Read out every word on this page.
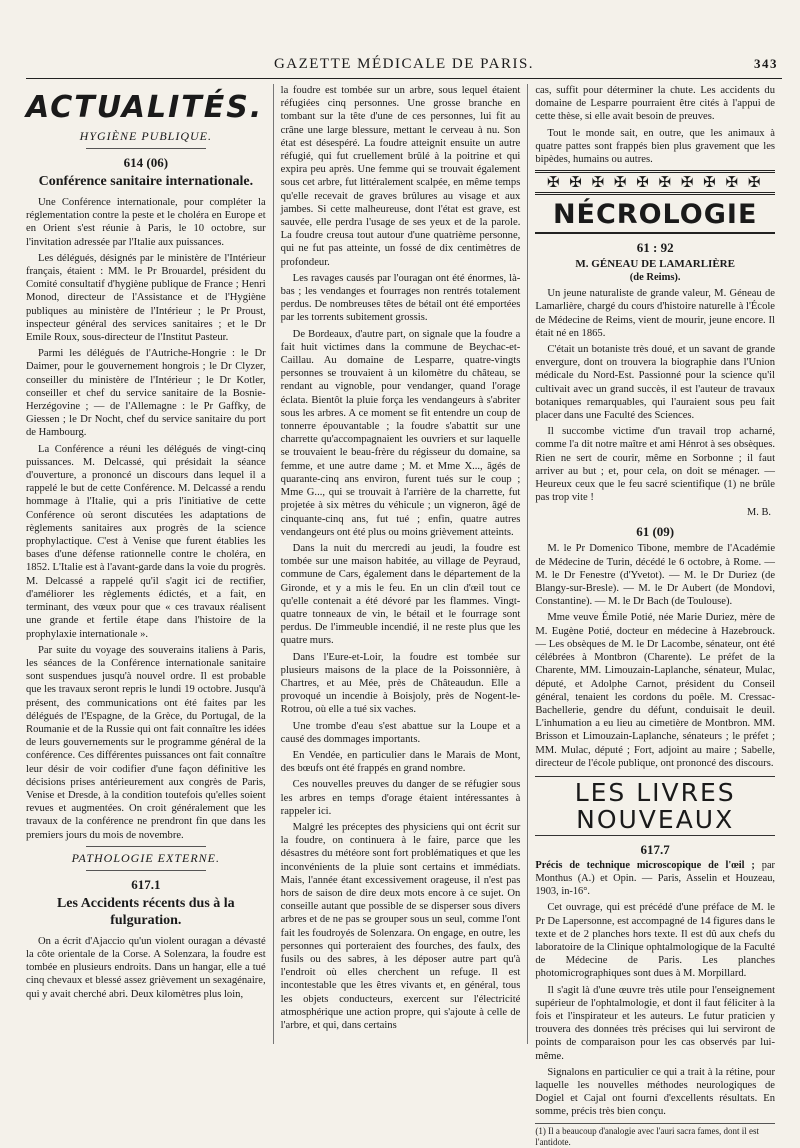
GAZETTE MÉDICALE DE PARIS.	343
ACTUALITÉS.
HYGIÈNE PUBLIQUE.
614 (06)
Conférence sanitaire internationale.

Une Conférence internationale, pour compléter la réglementation contre la peste et le choléra en Europe et en Orient s'est réunie à Paris, le 10 octobre, sur l'invitation adressée par l'Italie aux puissances.

Les délégués, désignés par le ministère de l'Intérieur français, étaient : MM. le Pr Brouardel, président du Comité consultatif d'hygiène publique de France ; Henri Monod, directeur de l'Assistance et de l'Hygiène publiques au ministère de l'Intérieur ; le Pr Proust, inspecteur général des services sanitaires ; et le Dr Emile Roux, sous-directeur de l'Institut Pasteur.

Parmi les délégués de l'Autriche-Hongrie : le Dr Daimer, pour le gouvernement hongrois ; le Dr Clyzer, conseiller du ministère de l'Intérieur ; le Dr Kotler, conseiller et chef du service sanitaire de la Bosnie-Herzégovine ; — de l'Allemagne : le Pr Gaffky, de Giessen ; le Dr Nocht, chef du service sanitaire du port de Hambourg.

La Conférence a réuni les délégués de vingt-cinq puissances. M. Delcassé, qui présidait la séance d'ouverture, a prononcé un discours dans lequel il a rappelé le but de cette Conférence. M. Delcassé a rendu hommage à l'Italie, qui a pris l'initiative de cette Conférence où seront discutées les adaptations de règlements sanitaires aux progrès de la science prophylactique. C'est à Venise que furent établies les bases d'une défense rationnelle contre le choléra, en 1852. L'Italie est à l'avant-garde dans la voie du progrès. M. Delcassé a rappelé qu'il s'agit ici de rectifier, d'améliorer les règlements édictés, et a fait, en terminant, des vœux pour que « ces travaux réalisent une grande et fertile étape dans l'histoire de la prophylaxie internationale ».

Par suite du voyage des souverains italiens à Paris, les séances de la Conférence internationale sanitaire sont suspendues jusqu'à nouvel ordre. Il est probable que les travaux seront repris le lundi 19 octobre. Jusqu'à présent, des communications ont été faites par les délégués de l'Espagne, de la Grèce, du Portugal, de la Roumanie et de la Russie qui ont fait connaître les idées de leurs gouvernements sur le programme général de la conférence. Ces différentes puissances ont fait connaître leur désir de voir codifier d'une façon définitive les décisions prises antérieurement aux congrès de Paris, Venise et Dresde, à la condition toutefois qu'elles soient revues et augmentées. On croit généralement que les travaux de la conférence ne prendront fin que dans les premiers jours du mois de novembre.

PATHOLOGIE EXTERNE.
617.1
Les Accidents récents dus à la fulguration.

On a écrit d'Ajaccio qu'un violent ouragan a dévasté la côte orientale de la Corse. A Solenzara, la foudre est tombée en plusieurs endroits. Dans un hangar, elle a tué cinq chevaux et blessé assez grièvement un sexagénaire, qui y avait cherché abri. Deux kilomètres plus loin,

la foudre est tombée sur un arbre, sous lequel étaient réfugiées cinq personnes. Une grosse branche en tombant sur la tête d'une de ces personnes, lui fit au crâne une large blessure, mettant le cerveau à nu. Son état est désespéré. La foudre atteignit ensuite un autre réfugié, qui fut cruellement brûlé à la poitrine et qui expira peu après. Une femme qui se trouvait également sous cet arbre, fut littéralement scalpée, en même temps qu'elle recevait de graves brûlures au visage et aux jambes. Si cette malheureuse, dont l'état est grave, est sauvée, elle perdra l'usage de ses yeux et de la parole. La foudre creusa tout autour d'une quatrième personne, qui ne fut pas atteinte, un fossé de dix centimètres de profondeur.

Les ravages causés par l'ouragan ont été énormes, là-bas ; les vendanges et fourrages non rentrés totalement perdus. De nombreuses têtes de bétail ont été emportées par les torrents subitement grossis.

De Bordeaux, d'autre part, on signale que la foudre a fait huit victimes dans la commune de Beychac-et-Caillau. Au domaine de Lesparre, quatre-vingts personnes se trouvaient à un kilomètre du château, se rendant au vignoble, pour vendanger, quand l'orage éclata. Bientôt la pluie força les vendangeurs à s'abriter sous les arbres. A ce moment se fit entendre un coup de tonnerre épouvantable ; la foudre s'abattit sur une charrette qu'accompagnaient les ouvriers et sur laquelle se trouvaient le beau-frère du régisseur du domaine, sa femme, et une autre dame ; M. et Mme X..., âgés de quarante-cinq ans environ, furent tués sur le coup ; Mme G..., qui se trouvait à l'arrière de la charrette, fut projetée à six mètres du véhicule ; un vigneron, âgé de cinquante-cinq ans, fut tué ; enfin, quatre autres vendangeurs ont été plus ou moins grièvement atteints.

Dans la nuit du mercredi au jeudi, la foudre est tombée sur une maison habitée, au village de Peyraud, commune de Cars, également dans le département de la Gironde, et y a mis le feu. En un clin d'œil tout ce qu'elle contenait a été dévoré par les flammes. Vingt-quatre tonneaux de vin, le bétail et le fourrage sont perdus. De l'immeuble incendié, il ne reste plus que les quatre murs.

Dans l'Eure-et-Loir, la foudre est tombée sur plusieurs maisons de la place de la Poissonnière, à Chartres, et au Mée, près de Châteaudun. Elle a provoqué un incendie à Boisjoly, près de Nogent-le-Rotrou, où elle a tué six vaches.

Une trombe d'eau s'est abattue sur la Loupe et a causé des dommages importants.

En Vendée, en particulier dans le Marais de Mont, des bœufs ont été frappés en grand nombre.

Ces nouvelles preuves du danger de se réfugier sous les arbres en temps d'orage étaient intéressantes à rappeler ici.

Malgré les préceptes des physiciens qui ont écrit sur la foudre, on continuera à le faire, parce que les désastres du météore sont fort problématiques et que les inconvénients de la pluie sont certains et immédiats. Mais, l'année étant excessivement orageuse, il n'est pas hors de saison de dire deux mots encore à ce sujet. On conseille autant que possible de se disperser sous divers arbres et de ne pas se grouper sous un seul, comme l'ont fait les foudroyés de Solenzara. On engage, en outre, les personnes qui porteraient des fourches, des faulx, des fusils ou des sabres, à les déposer autre part qu'à l'endroit où elles cherchent un refuge. Il est incontestable que les êtres vivants et, en général, tous les objets conducteurs, exercent sur l'électricité atmosphérique une action propre, qui s'ajoute à celle de l'arbre, et qui, dans certains

cas, suffit pour déterminer la chute. Les accidents du domaine de Lesparre pourraient être cités à l'appui de cette thèse, si elle avait besoin de preuves.

Tout le monde sait, en outre, que les animaux à quatre pattes sont frappés bien plus gravement que les bipèdes, humains ou autres.

✠ ✠ ✠ ✠ ✠ ✠ ✠ ✠ ✠ ✠
NÉCROLOGIE
61 : 92
M. GÉNEAU DE LAMARLIÈRE
(de Reims).

Un jeune naturaliste de grande valeur, M. Géneau de Lamarlière, chargé du cours d'histoire naturelle à l'École de Médecine de Reims, vient de mourir, jeune encore. Il était né en 1865.

C'était un botaniste très doué, et un savant de grande envergure, dont on trouvera la biographie dans l'Union médicale du Nord-Est. Passionné pour la science qu'il cultivait avec un grand succès, il est l'auteur de travaux botaniques remarquables, qui l'auraient sous peu fait placer dans une Faculté des Sciences.

Il succombe victime d'un travail trop acharné, comme l'a dit notre maître et ami Hénrot à ses obsèques. Rien ne sert de courir, même en Sorbonne ; il faut arriver au but ; et, pour cela, on doit se ménager. — Heureux ceux que le feu sacré scientifique (1) ne brûle pas trop vite !

M. B.
61 (09)

M. le Pr Domenico Tibone, membre de l'Académie de Médecine de Turin, décédé le 6 octobre, à Rome. — M. le Dr Fenestre (d'Yvetot). — M. le Dr Duriez (de Blangy-sur-Bresle). — M. le Dr Aubert (de Mondovi, Constantine). — M. le Dr Bach (de Toulouse).

Mme veuve Émile Potié, née Marie Duriez, mère de M. Eugène Potié, docteur en médecine à Hazebrouck. — Les obsèques de M. le Dr Lacombe, sénateur, ont été célébrées à Montbron (Charente). Le préfet de la Charente, MM. Limouzain-Laplanche, sénateur, Mulac, député, et Adolphe Carnot, président du Conseil général, tenaient les cordons du poêle. M. Cressac-Bachellerie, gendre du défunt, conduisait le deuil. L'inhumation a eu lieu au cimetière de Montbron. MM. Brisson et Limouzain-Laplanche, sénateurs ; le préfet ; MM. Mulac, député ; Fort, adjoint au maire ; Sabelle, directeur de l'école publique, ont prononcé des discours.

LES LIVRES NOUVEAUX
617.7
Précis de technique microscopique de l'œil ; par Monthus (A.) et Opin. — Paris, Asselin et Houzeau, 1903, in-16°.

Cet ouvrage, qui est précédé d'une préface de M. le Pr De Lapersonne, est accompagné de 14 figures dans le texte et de 2 planches hors texte. Il est dû aux chefs du laboratoire de la Clinique ophtalmologique de la Faculté de Médecine de Paris. Les planches photomicrographiques sont dues à M. Morpillard.

Il s'agit là d'une œuvre très utile pour l'enseignement supérieur de l'ophtalmologie, et dont il faut féliciter à la fois et l'inspirateur et les auteurs. Le futur praticien y trouvera des données très précises qui lui serviront de points de comparaison pour les cas observés par lui-même.

Signalons en particulier ce qui a trait à la rétine, pour laquelle les nouvelles méthodes neurologiques de Dogiel et Cajal ont fourni d'excellents résultats. En somme, précis très bien conçu.

(1) Il a beaucoup d'analogie avec l'auri sacra fames, dont il est l'antidote.
